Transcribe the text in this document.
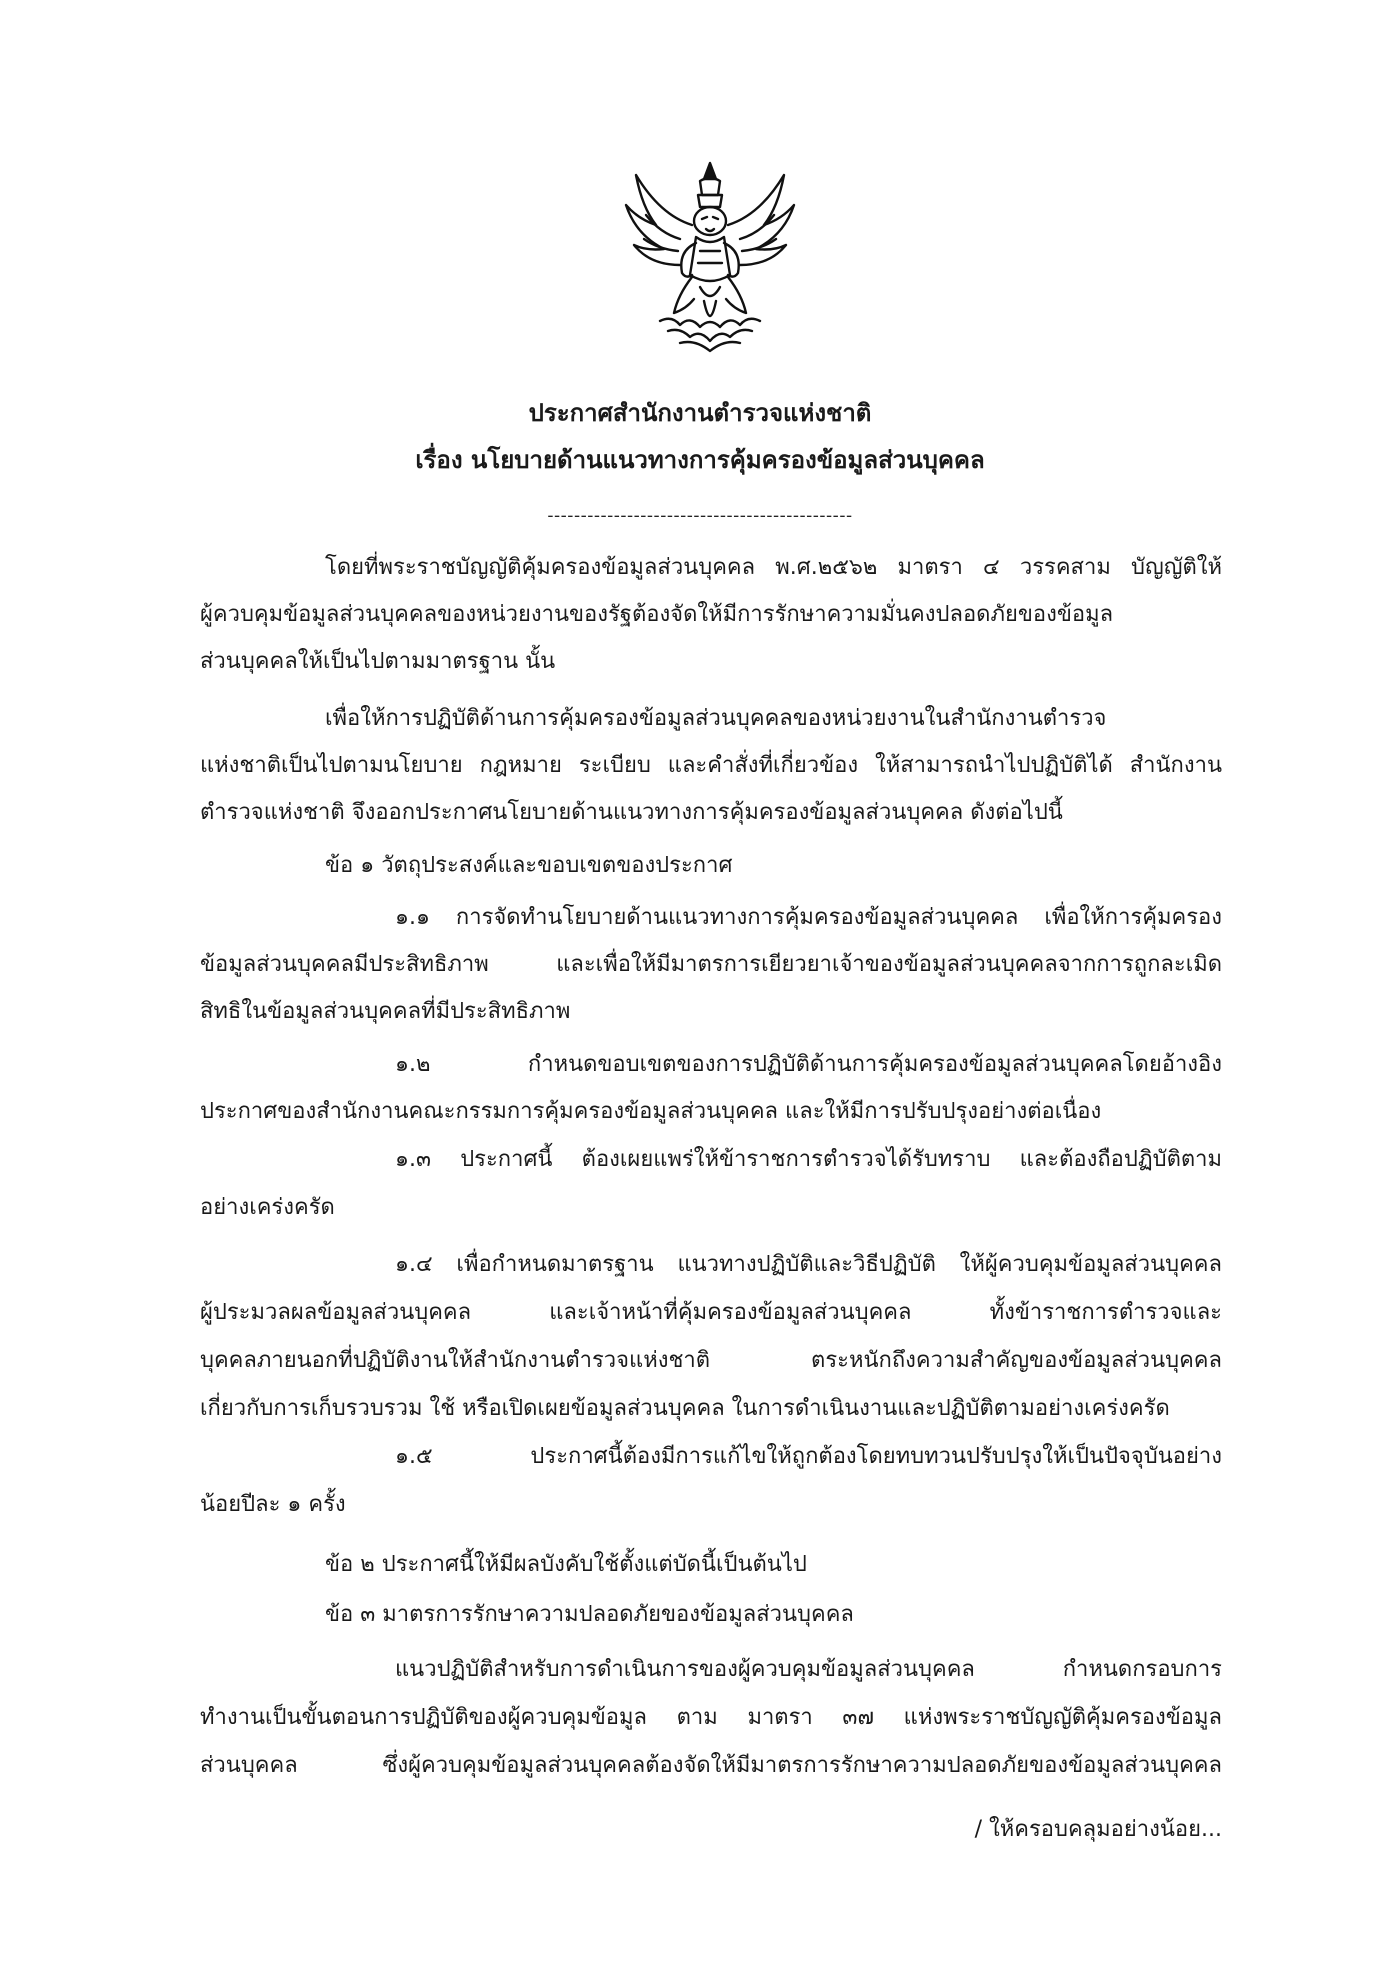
ประกาศสำนักงานตำรวจแห่งชาติ
เรื่อง นโยบายด้านแนวทางการคุ้มครองข้อมูลส่วนบุคคล
----------------------------------------------
โดยที่พระราชบัญญัติคุ้มครองข้อมูลส่วนบุคคล พ.ศ.๒๕๖๒ มาตรา ๔ วรรคสาม บัญญัติให้
ผู้ควบคุมข้อมูลส่วนบุคคลของหน่วยงานของรัฐต้องจัดให้มีการรักษาความมั่นคงปลอดภัยของข้อมูล
ส่วนบุคคลให้เป็นไปตามมาตรฐาน นั้น
เพื่อให้การปฏิบัติด้านการคุ้มครองข้อมูลส่วนบุคคลของหน่วยงานในสำนักงานตำรวจ
แห่งชาติเป็นไปตามนโยบาย กฎหมาย ระเบียบ และคำสั่งที่เกี่ยวข้อง ให้สามารถนำไปปฏิบัติได้ สำนักงาน
ตำรวจแห่งชาติ จึงออกประกาศนโยบายด้านแนวทางการคุ้มครองข้อมูลส่วนบุคคล ดังต่อไปนี้
ข้อ ๑ วัตถุประสงค์และขอบเขตของประกาศ
๑.๑ การจัดทำนโยบายด้านแนวทางการคุ้มครองข้อมูลส่วนบุคคล เพื่อให้การคุ้มครอง
ข้อมูลส่วนบุคคลมีประสิทธิภาพ และเพื่อให้มีมาตรการเยียวยาเจ้าของข้อมูลส่วนบุคคลจากการถูกละเมิด
สิทธิในข้อมูลส่วนบุคคลที่มีประสิทธิภาพ
๑.๒ กำหนดขอบเขตของการปฏิบัติด้านการคุ้มครองข้อมูลส่วนบุคคลโดยอ้างอิง
ประกาศของสำนักงานคณะกรรมการคุ้มครองข้อมูลส่วนบุคคล และให้มีการปรับปรุงอย่างต่อเนื่อง
๑.๓ ประกาศนี้ ต้องเผยแพร่ให้ข้าราชการตำรวจได้รับทราบ และต้องถือปฏิบัติตาม
อย่างเคร่งครัด
๑.๔ เพื่อกำหนดมาตรฐาน แนวทางปฏิบัติและวิธีปฏิบัติ ให้ผู้ควบคุมข้อมูลส่วนบุคคล
ผู้ประมวลผลข้อมูลส่วนบุคคล และเจ้าหน้าที่คุ้มครองข้อมูลส่วนบุคคล ทั้งข้าราชการตำรวจและ
บุคคลภายนอกที่ปฏิบัติงานให้สำนักงานตำรวจแห่งชาติ ตระหนักถึงความสำคัญของข้อมูลส่วนบุคคล
เกี่ยวกับการเก็บรวบรวม ใช้ หรือเปิดเผยข้อมูลส่วนบุคคล ในการดำเนินงานและปฏิบัติตามอย่างเคร่งครัด
๑.๕ ประกาศนี้ต้องมีการแก้ไขให้ถูกต้องโดยทบทวนปรับปรุงให้เป็นปัจจุบันอย่าง
น้อยปีละ ๑ ครั้ง
ข้อ ๒ ประกาศนี้ให้มีผลบังคับใช้ตั้งแต่บัดนี้เป็นต้นไป
ข้อ ๓ มาตรการรักษาความปลอดภัยของข้อมูลส่วนบุคคล
แนวปฏิบัติสำหรับการดำเนินการของผู้ควบคุมข้อมูลส่วนบุคคล กำหนดกรอบการ
ทำงานเป็นขั้นตอนการปฏิบัติของผู้ควบคุมข้อมูล ตาม มาตรา ๓๗ แห่งพระราชบัญญัติคุ้มครองข้อมูล
ส่วนบุคคล ซึ่งผู้ควบคุมข้อมูลส่วนบุคคลต้องจัดให้มีมาตรการรักษาความปลอดภัยของข้อมูลส่วนบุคคล
/ ให้ครอบคลุมอย่างน้อย...
